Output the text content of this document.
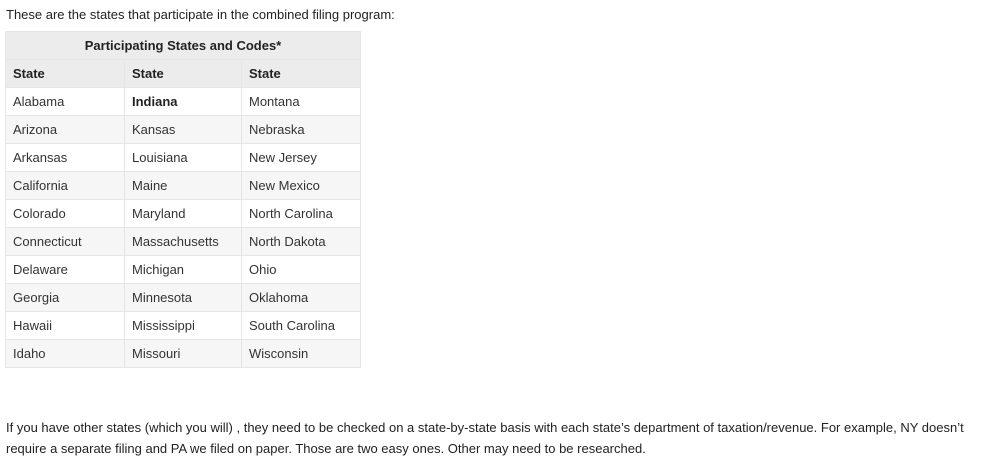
These are the states that participate in the combined filing program:

Participating States and Codes*		
State	State	State
Alabama	Indiana	Montana
Arizona	Kansas	Nebraska
Arkansas	Louisiana	New Jersey
California	Maine	New Mexico
Colorado	Maryland	North Carolina
Connecticut	Massachusetts	North Dakota
Delaware	Michigan	Ohio
Georgia	Minnesota	Oklahoma
Hawaii	Mississippi	South Carolina
Idaho	Missouri	Wisconsin

If you have other states (which you will) , they need to be checked on a state-by-state basis with each state’s department of taxation/revenue. For example, NY doesn’t
require a separate filing and PA we filed on paper. Those are two easy ones. Other may need to be researched.
